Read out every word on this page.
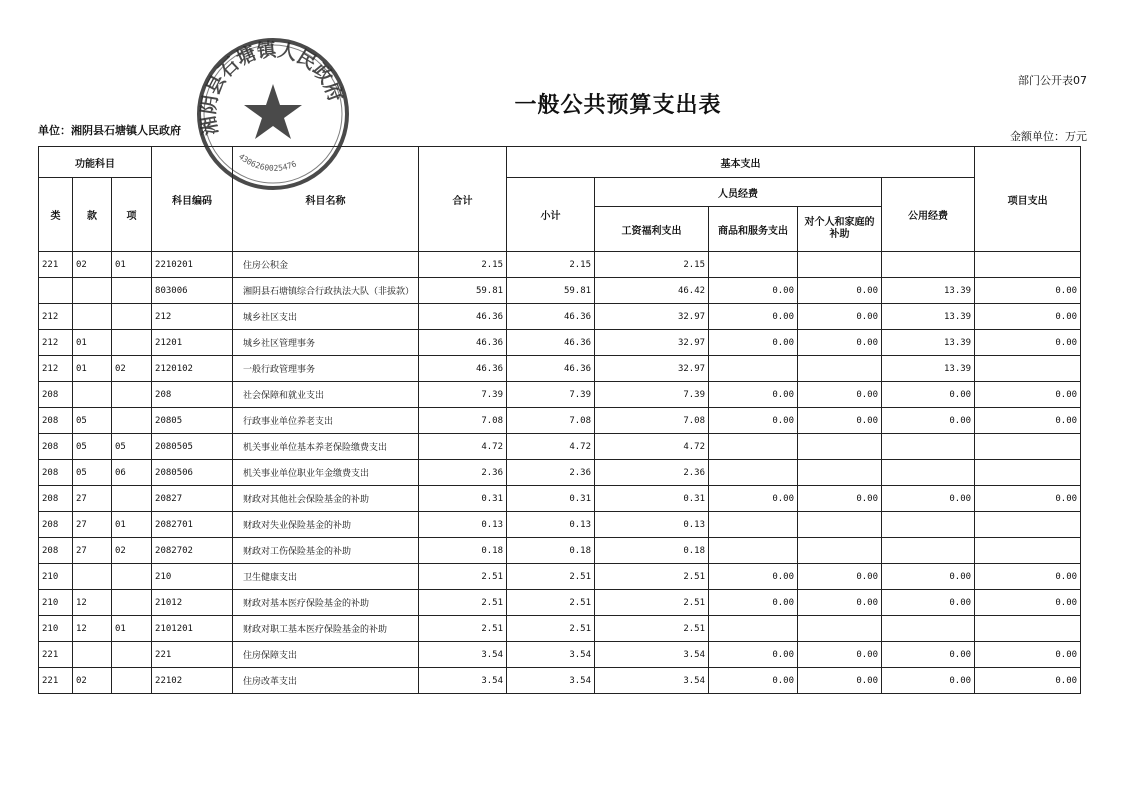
部门公开表07
一般公共预算支出表
单位：湘阴县石塘镇人民政府	金额单位：万元
功能科目			科目编码	科目名称	合计	基本支出					项目支出
类	款	项				小计	人员经费			公用经费	
							工资福利支出	商品和服务支出	对个人和家庭的补助		
221	02	01	2210201	住房公积金	2.15	2.15	2.15				
			803006	湘阴县石塘镇综合行政执法大队（非拔款）	59.81	59.81	46.42	0.00	0.00	13.39	0.00
212			212	城乡社区支出	46.36	46.36	32.97	0.00	0.00	13.39	0.00
212	01		21201	城乡社区管理事务	46.36	46.36	32.97	0.00	0.00	13.39	0.00
212	01	02	2120102	一般行政管理事务	46.36	46.36	32.97			13.39	
208			208	社会保障和就业支出	7.39	7.39	7.39	0.00	0.00	0.00	0.00
208	05		20805	行政事业单位养老支出	7.08	7.08	7.08	0.00	0.00	0.00	0.00
208	05	05	2080505	机关事业单位基本养老保险缴费支出	4.72	4.72	4.72				
208	05	06	2080506	机关事业单位职业年金缴费支出	2.36	2.36	2.36				
208	27		20827	财政对其他社会保险基金的补助	0.31	0.31	0.31	0.00	0.00	0.00	0.00
208	27	01	2082701	财政对失业保险基金的补助	0.13	0.13	0.13				
208	27	02	2082702	财政对工伤保险基金的补助	0.18	0.18	0.18				
210			210	卫生健康支出	2.51	2.51	2.51	0.00	0.00	0.00	0.00
210	12		21012	财政对基本医疗保险基金的补助	2.51	2.51	2.51	0.00	0.00	0.00	0.00
210	12	01	2101201	财政对职工基本医疗保险基金的补助	2.51	2.51	2.51				
221			221	住房保障支出	3.54	3.54	3.54	0.00	0.00	0.00	0.00
221	02		22102	住房改革支出	3.54	3.54	3.54	0.00	0.00	0.00	0.00
湘阴县石塘镇人民政府
4306260025476
